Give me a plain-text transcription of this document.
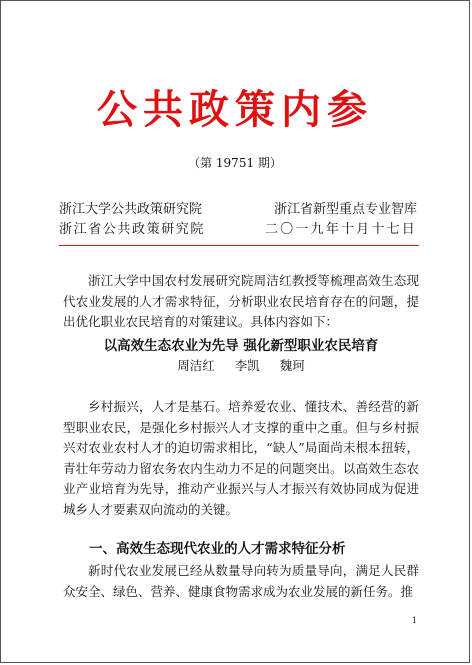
公共政策内参
（第 19751 期）
浙江大学公共政策研究院	浙江省新型重点专业智库
浙江省公共政策研究院	二〇一九年十月十七日

浙江大学中国农村发展研究院周洁红教授等梳理高效生态现代农业发展的人才需求特征，分析职业农民培育存在的问题，提出优化职业农民培育的对策建议。具体内容如下：

以高效生态农业为先导 强化新型职业农民培育
周洁红 李凯 魏珂

乡村振兴，人才是基石。培养爱农业、懂技术、善经营的新型职业农民，是强化乡村振兴人才支撑的重中之重。但与乡村振兴对农业农村人才的迫切需求相比，“缺人”局面尚未根本扭转，青壮年劳动力留农务农内生动力不足的问题突出。以高效生态农业产业培育为先导，推动产业振兴与人才振兴有效协同成为促进城乡人才要素双向流动的关键。

一、高效生态现代农业的人才需求特征分析

新时代农业发展已经从数量导向转为质量导向，满足人民群众安全、绿色、营养、健康食物需求成为农业发展的新任务。推

1
